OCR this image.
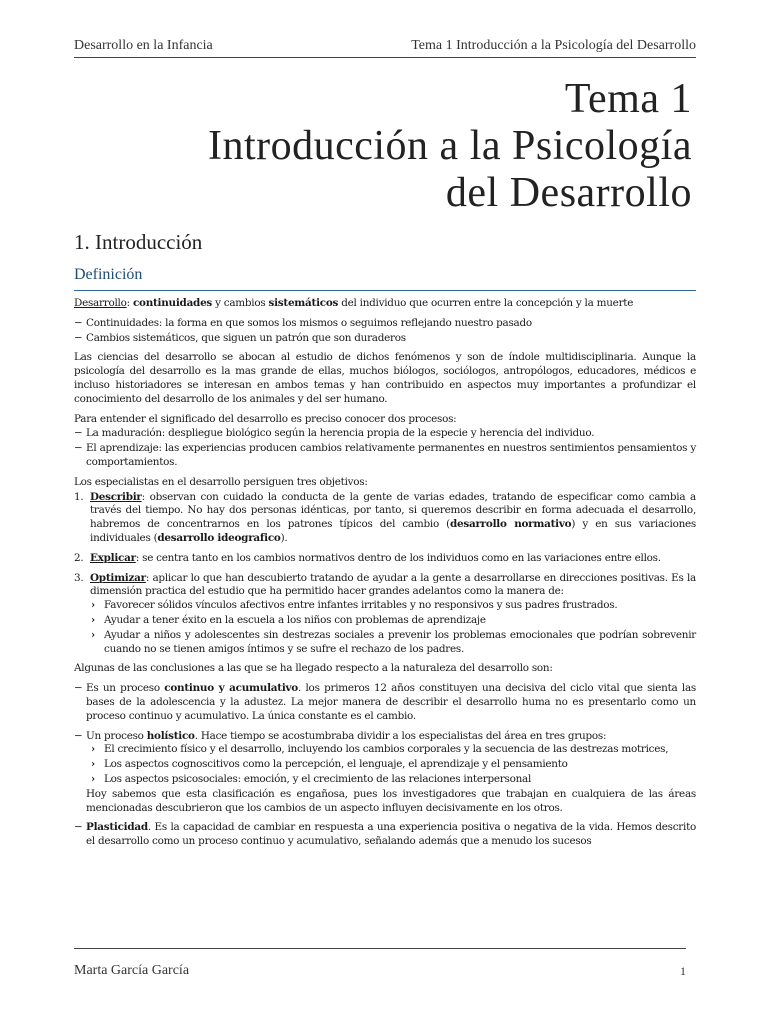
Desarrollo en la Infancia	Tema 1 Introducción a la Psicología del Desarrollo
Tema 1
Introducción a la Psicología
del Desarrollo
1. Introducción
Definición

Desarrollo: continuidades y cambios sistemáticos del individuo que ocurren entre la concepción y la muerte

− Continuidades: la forma en que somos los mismos o seguimos reflejando nuestro pasado
− Cambios sistemáticos, que siguen un patrón que son duraderos

Las ciencias del desarrollo se abocan al estudio de dichos fenómenos y son de índole multidisciplinaria. Aunque la psicología del desarrollo es la mas grande de ellas, muchos biólogos, sociólogos, antropólogos, educadores, médicos e incluso historiadores se interesan en ambos temas y han contribuido en aspectos muy importantes a profundizar el conocimiento del desarrollo de los animales y del ser humano.

Para entender el significado del desarrollo es preciso conocer dos procesos:

− La maduración: despliegue biológico según la herencia propia de la especie y herencia del individuo.
− El aprendizaje: las experiencias producen cambios relativamente permanentes en nuestros sentimientos pensamientos y comportamientos.

Los especialistas en el desarrollo persiguen tres objetivos:

1. Describir: observan con cuidado la conducta de la gente de varias edades, tratando de especificar como cambia a través del tiempo. No hay dos personas idénticas, por tanto, si queremos describir en forma adecuada el desarrollo, habremos de concentrarnos en los patrones típicos del cambio (desarrollo normativo) y en sus variaciones individuales (desarrollo ideografico).
2. Explicar: se centra tanto en los cambios normativos dentro de los individuos como en las variaciones entre ellos.
3. Optimizar: aplicar lo que han descubierto tratando de ayudar a la gente a desarrollarse en direcciones positivas. Es la dimensión practica del estudio que ha permitido hacer grandes adelantos como la manera de:
› Favorecer sólidos vínculos afectivos entre infantes irritables y no responsivos y sus padres frustrados.
› Ayudar a tener éxito en la escuela a los niños con problemas de aprendizaje
› Ayudar a niños y adolescentes sin destrezas sociales a prevenir los problemas emocionales que podrían sobrevenir cuando no se tienen amigos íntimos y se sufre el rechazo de los padres.

Algunas de las conclusiones a las que se ha llegado respecto a la naturaleza del desarrollo son:

− Es un proceso continuo y acumulativo. los primeros 12 años constituyen una decisiva del ciclo vital que sienta las bases de la adolescencia y la adustez. La mejor manera de describir el desarrollo huma no es presentarlo como un proceso continuo y acumulativo. La única constante es el cambio.
− Un proceso holístico. Hace tiempo se acostumbraba dividir a los especialistas del área en tres grupos:
› El crecimiento físico y el desarrollo, incluyendo los cambios corporales y la secuencia de las destrezas motrices,
› Los aspectos cognoscitivos como la percepción, el lenguaje, el aprendizaje y el pensamiento
› Los aspectos psicosociales: emoción, y el crecimiento de las relaciones interpersonal
Hoy sabemos que esta clasificación es engañosa, pues los investigadores que trabajan en cualquiera de las áreas mencionadas descubrieron que los cambios de un aspecto influyen decisivamente en los otros.
− Plasticidad. Es la capacidad de cambiar en respuesta a una experiencia positiva o negativa de la vida. Hemos descrito el desarrollo como un proceso continuo y acumulativo, señalando además que a menudo los sucesos
Marta García García	1
